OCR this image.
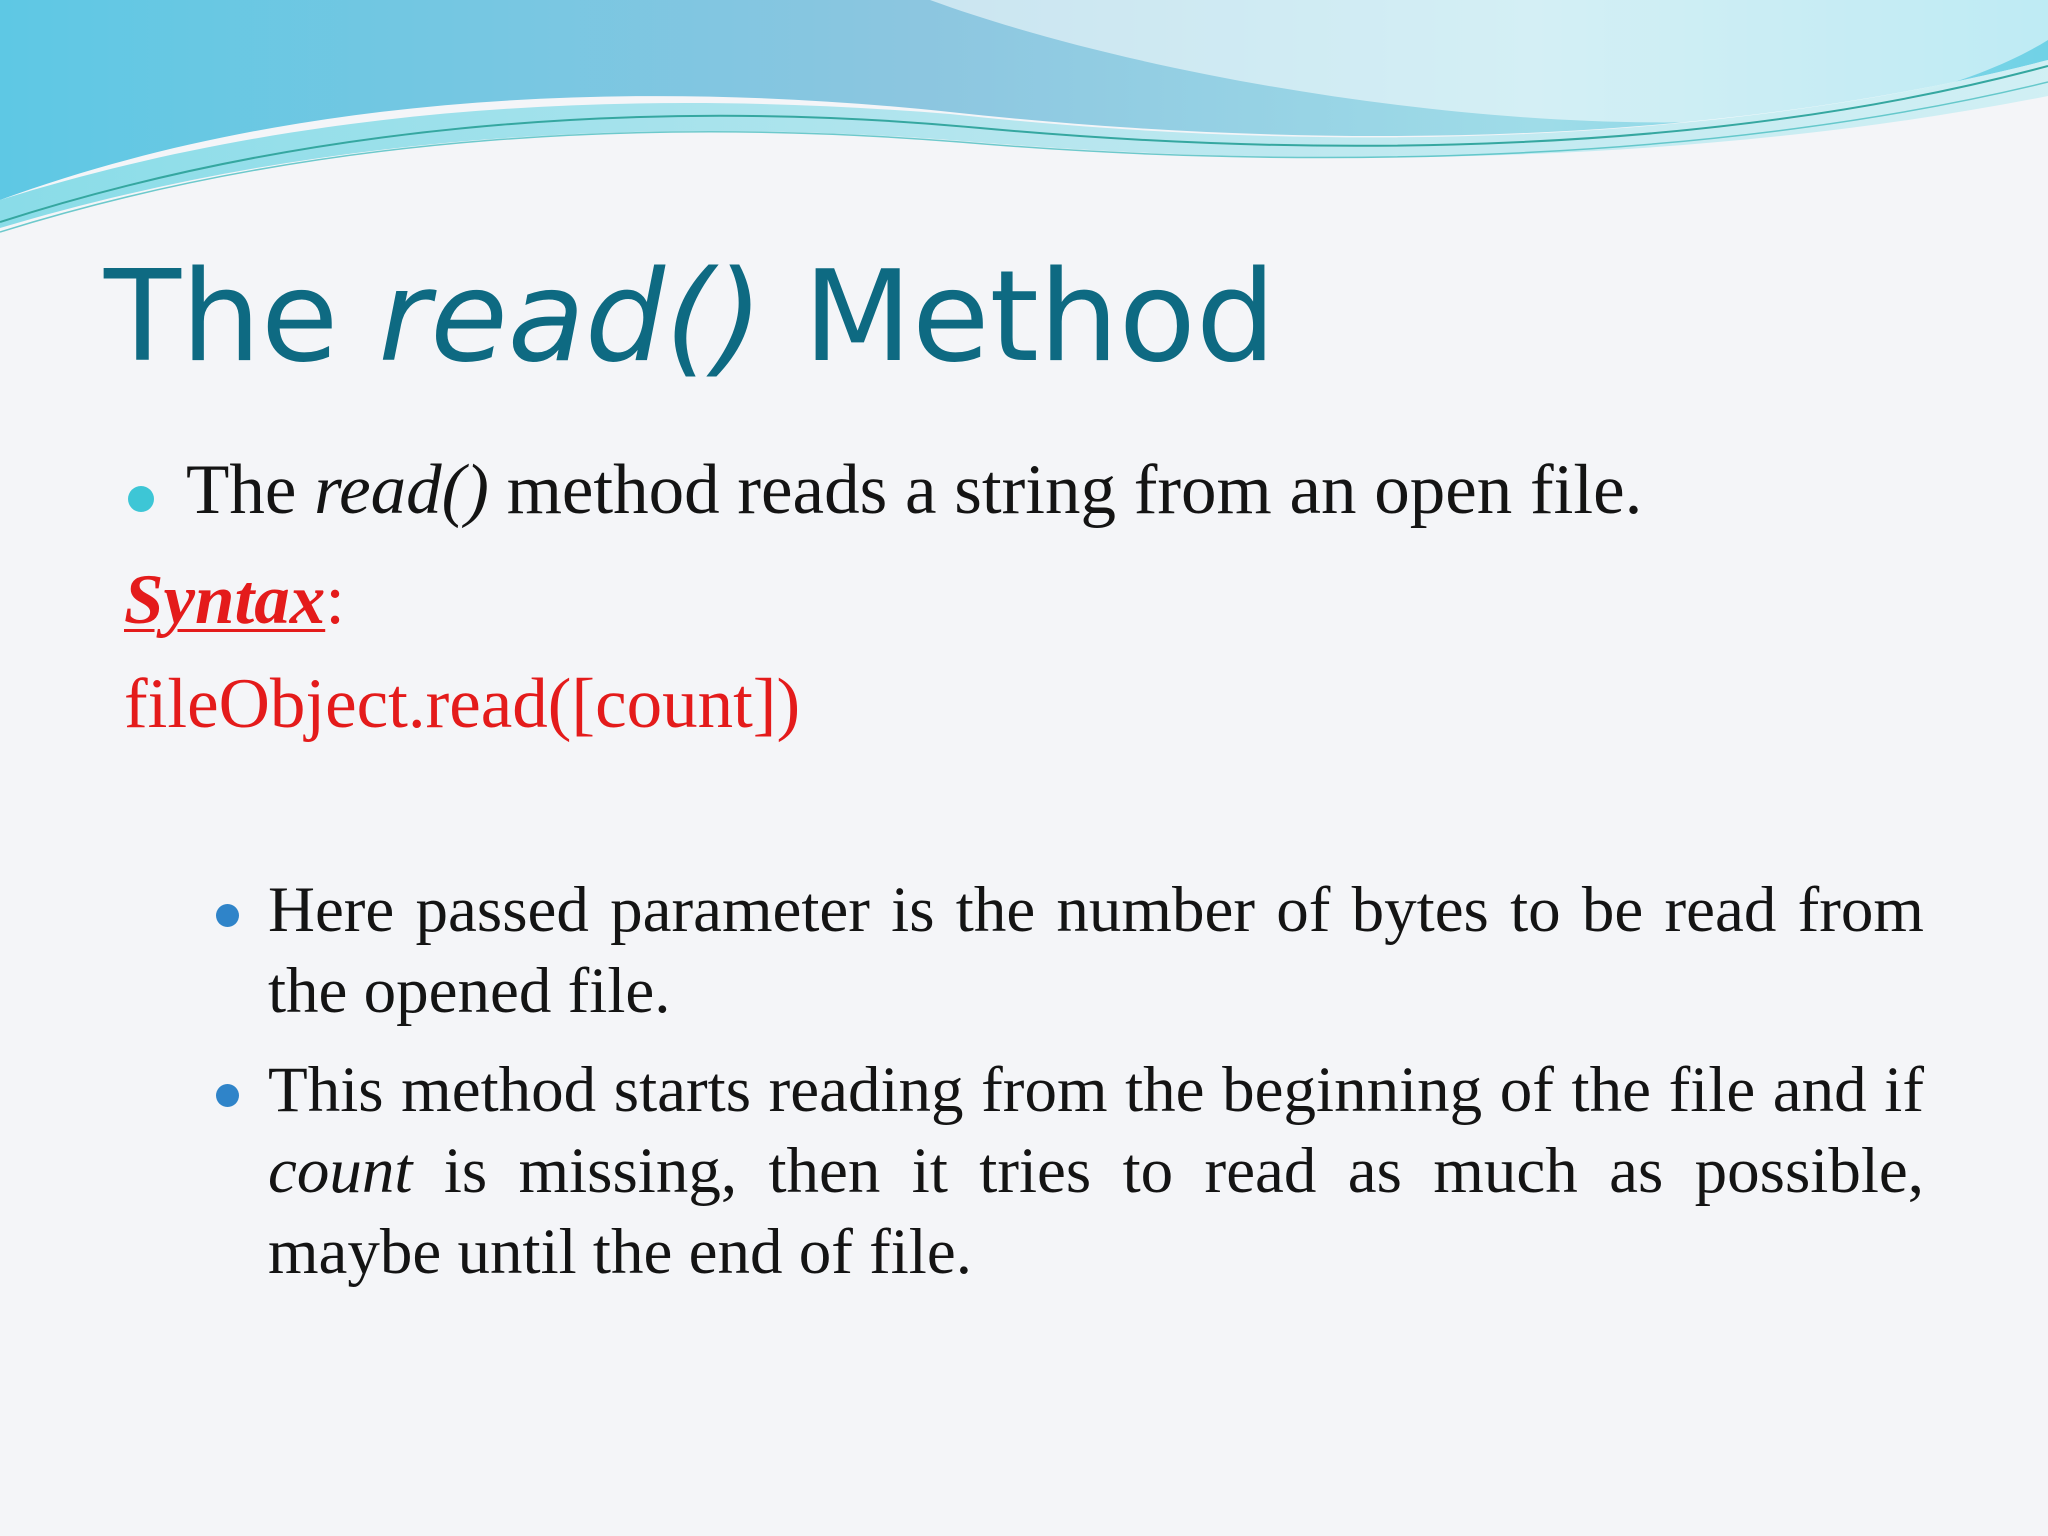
The read() Method
The read() method reads a string from an open file.
Syntax:
fileObject.read([count])
Here passed parameter is the number of bytes to be read from the opened file.
This method starts reading from the beginning of the file and if count is missing, then it tries to read as much as possible, maybe until the end of file.
